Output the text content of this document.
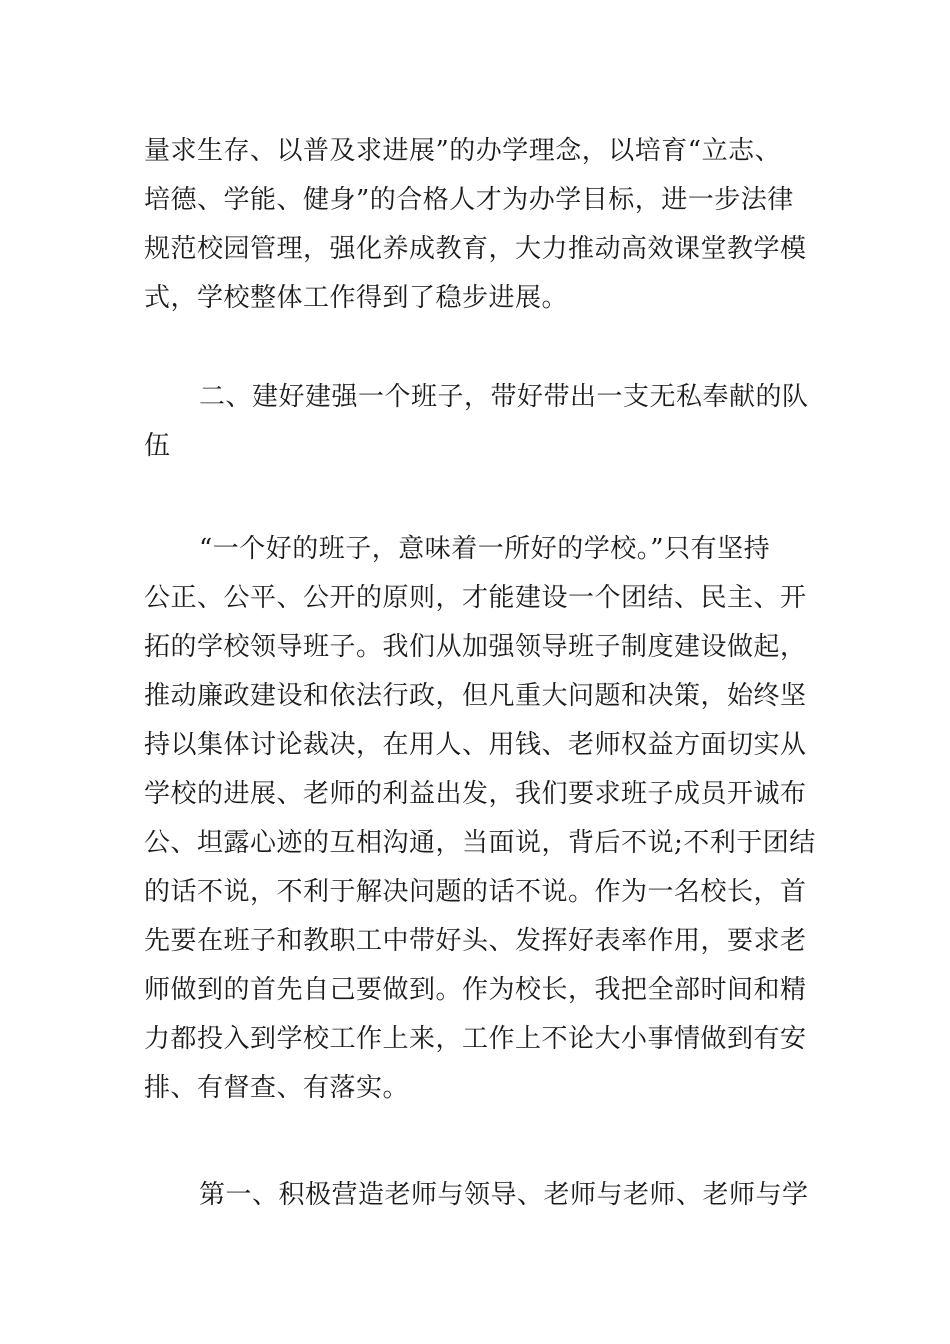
量求生存、以普及求进展”的办学理念，以培育“立志、
培德、学能、健身”的合格人才为办学目标，进一步法律
规范校园管理，强化养成教育，大力推动高效课堂教学模
式，学校整体工作得到了稳步进展。
二、建好建强一个班子，带好带出一支无私奉献的队
伍
“一个好的班子，意味着一所好的学校。”只有坚持
公正、公平、公开的原则，才能建设一个团结、民主、开
拓的学校领导班子。我们从加强领导班子制度建设做起，
推动廉政建设和依法行政，但凡重大问题和决策，始终坚
持以集体讨论裁决，在用人、用钱、老师权益方面切实从
学校的进展、老师的利益出发，我们要求班子成员开诚布
公、坦露心迹的互相沟通，当面说，背后不说;不利于团结
的话不说，不利于解决问题的话不说。作为一名校长，首
先要在班子和教职工中带好头、发挥好表率作用，要求老
师做到的首先自己要做到。作为校长，我把全部时间和精
力都投入到学校工作上来，工作上不论大小事情做到有安
排、有督查、有落实。
第一、积极营造老师与领导、老师与老师、老师与学
